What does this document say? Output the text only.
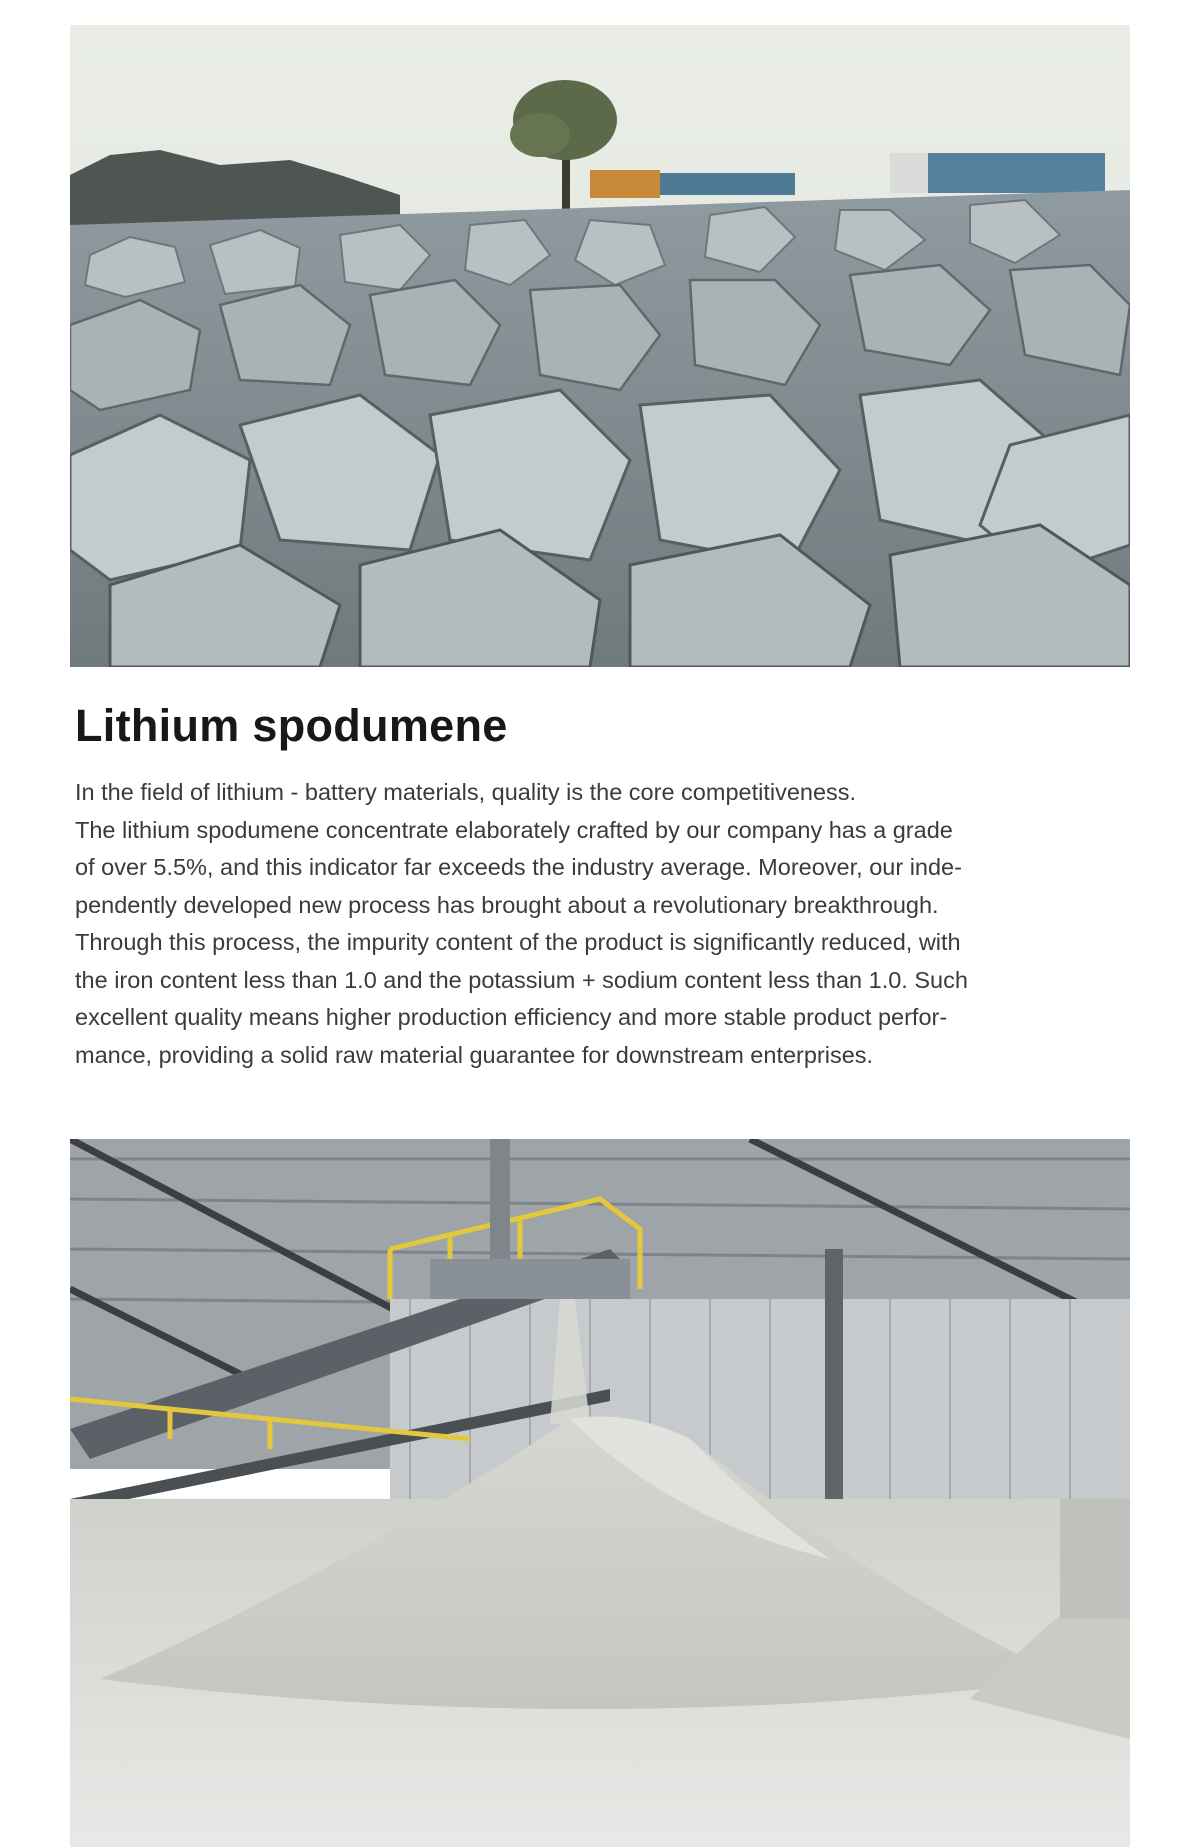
Lithium spodumene
In the field of lithium - battery materials, quality is the core competitiveness.
The lithium spodumene concentrate elaborately crafted by our company has a grade
of over 5.5%, and this indicator far exceeds the industry average. Moreover, our inde-
pendently developed new process has brought about a revolutionary breakthrough.
Through this process, the impurity content of the product is significantly reduced, with
the iron content less than 1.0 and the potassium + sodium content less than 1.0. Such
excellent quality means higher production efficiency and more stable product perfor-
mance, providing a solid raw material guarantee for downstream enterprises.
